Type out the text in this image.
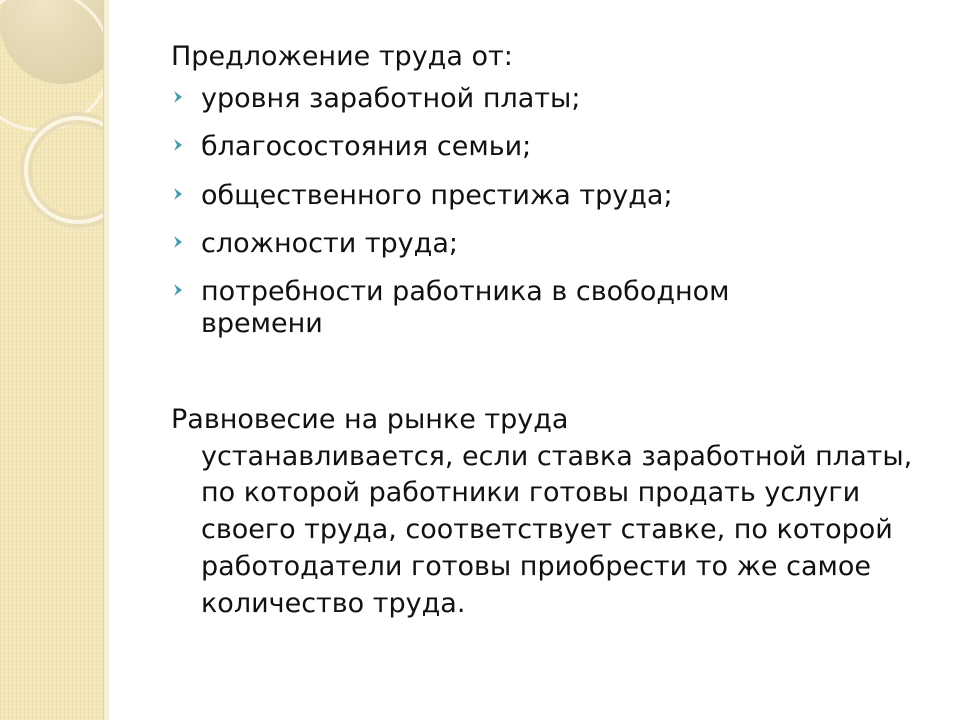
Предложение труда от:
уровня заработной платы;
благосостояния семьи;
общественного престижа труда;
сложности труда;
потребности работника в свободном
времени

Равновесие на рынке труда
устанавливается, если ставка заработной платы, по которой работники готовы продать услуги своего труда, соответствует ставке, по которой работодатели готовы приобрести то же самое количество труда.
